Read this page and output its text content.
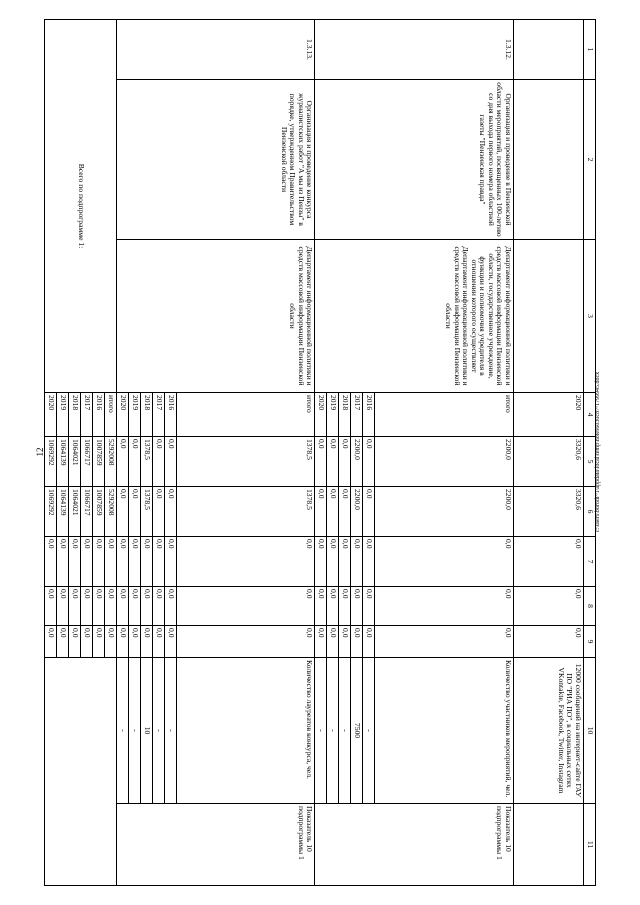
12	c:\users\borodi~1\appdata\local\temp\notes6030c8\~1799945.docx
1	2	3	4	5	6	7	8	9	10	11
			2020	3320,6	3320,6	0,0	0,0	0,0	12000 сообщений на интернет-сайте ГАУ ПО "РИА ПО", в социальных сетях VKontakte, Facebook, Twitter, Instagram	
1.3.12.	Организация и проведение в Пензенской области мероприятий, посвященных 100-летию со дня выхода первого номера областной газеты "Пензенская правда"	Департамент информационной политики и средств массовой информации Пензенской области, государственное учреждение, функции и полномочия учредителя в отношении которого осуществляет Департамент информационной политики и средств массовой информации Пензенской области	итого	2200,0	2200,0	0,0	0,0	0,0	Количество участников мероприятий, чел.	Показатель 10 подпрограммы 1
			2016	0,0	0,0	0,0	0,0	0,0	-	
			2017	2200,0	2200,0	0,0	0,0	0,0	7500	
			2018	0,0	0,0	0,0	0,0	0,0	-	
			2019	0,0	0,0	0,0	0,0	0,0	-	
			2020	0,0	0,0	0,0	0,0	0,0	-	
1.3.13.	Организация и проведение конкурса журналистских работ "А мы из Пензы" в порядке, утвержденном Правительством Пензенской области	Департамент информационной политики и средств массовой информации Пензенской области	итого	1378,5	1378,5	0,0	0,0	0,0	Количество лауреатов конкурса, чел.	Показатель 10 подпрограммы 1
			2016	0,0	0,0	0,0	0,0	0,0	-	
			2017	0,0	0,0	0,0	0,0	0,0	-	
			2018	1378,5	1378,5	0,0	0,0	0,0	10	
			2019	0,0	0,0	0,0	0,0	0,0	-	
			2020	0,0	0,0	0,0	0,0	0,0	-	
Всего по подпрограмме 1:			итого	5292008	5292008	0,0	0,0	0,0		
			2016	1007859	1007859	0,0	0,0	0,0		
			2017	1066717	1066717	0,0	0,0	0,0		
			2018	1064021	1064021	0,0	0,0	0,0		
			2019	1064139	1064139	0,0	0,0	0,0		
			2020	1069292	1069292	0,0	0,0	0,0		
